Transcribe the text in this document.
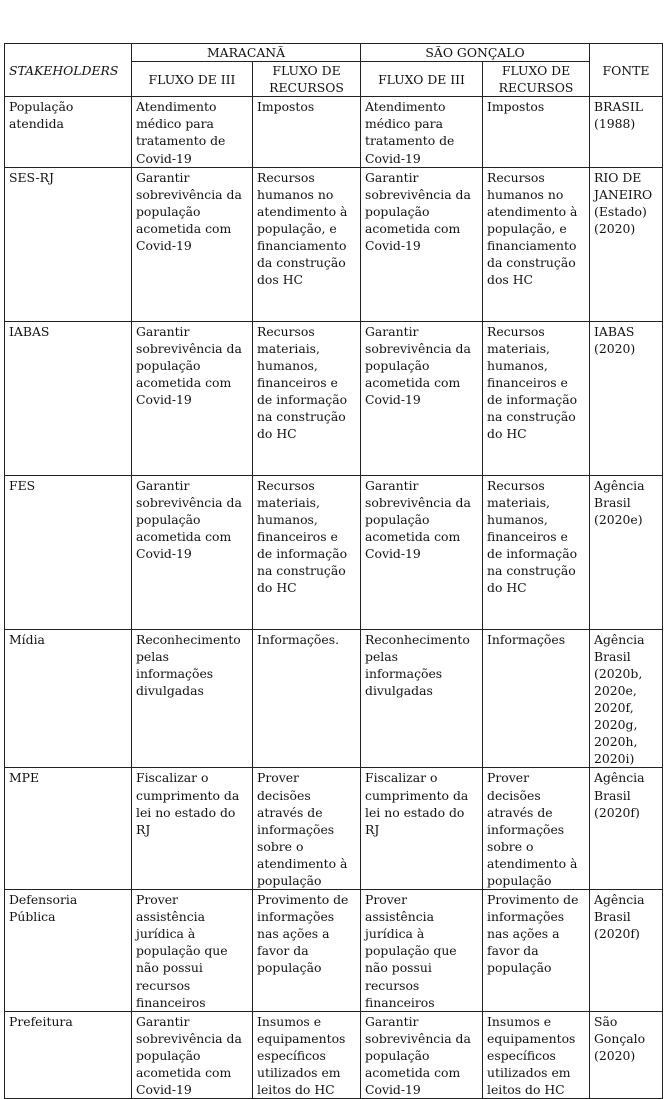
STAKEHOLDERS	MARACANÃ		SÃO GONÇALO		FONTE
	FLUXO DE III	FLUXO DE RECURSOS	FLUXO DE III	FLUXO DE RECURSOS	
População atendida	Atendimento médico para tratamento de Covid-19	Impostos	Atendimento médico para tratamento de Covid-19	Impostos	BRASIL (1988)
SES-RJ	Garantir sobrevivência da população acometida com Covid-19	Recursos humanos no atendimento à população, e financiamento da construção dos HC	Garantir sobrevivência da população acometida com Covid-19	Recursos humanos no atendimento à população, e financiamento da construção dos HC	RIO DE JANEIRO (Estado) (2020)
IABAS	Garantir sobrevivência da população acometida com Covid-19	Recursos materiais, humanos, financeiros e de informação na construção do HC	Garantir sobrevivência da população acometida com Covid-19	Recursos materiais, humanos, financeiros e de informação na construção do HC	IABAS (2020)
FES	Garantir sobrevivência da população acometida com Covid-19	Recursos materiais, humanos, financeiros e de informação na construção do HC	Garantir sobrevivência da população acometida com Covid-19	Recursos materiais, humanos, financeiros e de informação na construção do HC	Agência Brasil (2020e)
Mídia	Reconhecimento pelas informações divulgadas	Informações.	Reconhecimento pelas informações divulgadas	Informações	Agência Brasil (2020b, 2020e, 2020f, 2020g, 2020h, 2020i)
MPE	Fiscalizar o cumprimento da lei no estado do RJ	Prover decisões através de informações sobre o atendimento à população	Fiscalizar o cumprimento da lei no estado do RJ	Prover decisões através de informações sobre o atendimento à população	Agência Brasil (2020f)
Defensoria Pública	Prover assistência jurídica à população que não possui recursos financeiros	Provimento de informações nas ações a favor da população	Prover assistência jurídica à população que não possui recursos financeiros	Provimento de informações nas ações a favor da população	Agência Brasil (2020f)
Prefeitura	Garantir sobrevivência da população acometida com Covid-19	Insumos e equipamentos específicos utilizados em leitos do HC	Garantir sobrevivência da população acometida com Covid-19	Insumos e equipamentos específicos utilizados em leitos do HC	São Gonçalo (2020)
